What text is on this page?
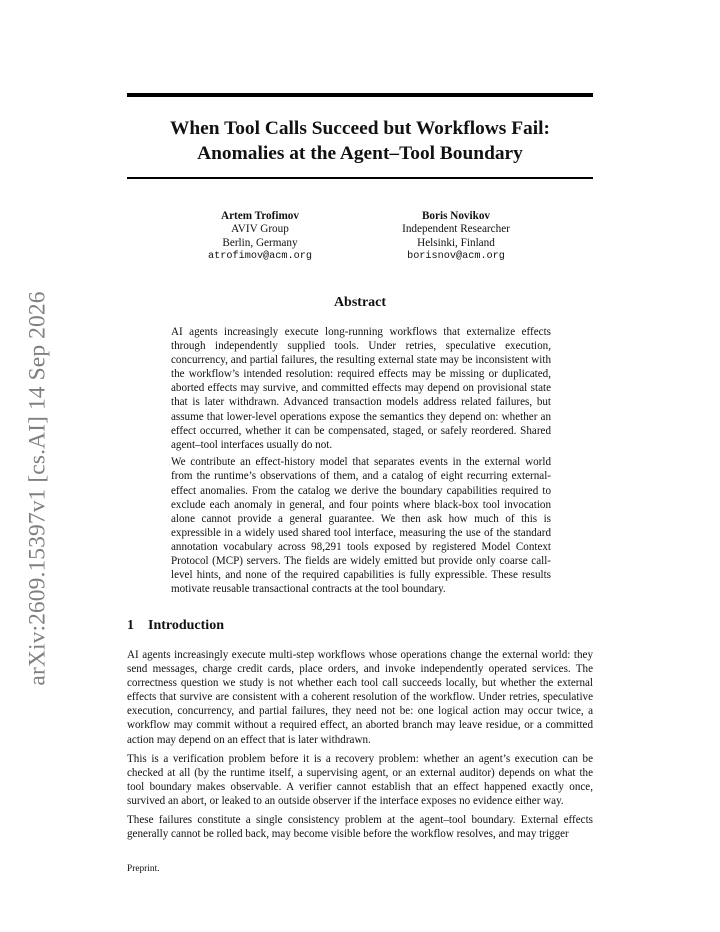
arXiv:2609.15397v1 [cs.AI] 14 Sep 2026
When Tool Calls Succeed but Workflows Fail:
Anomalies at the Agent–Tool Boundary
Artem Trofimov
AVIV Group
Berlin, Germany
atrofimov@acm.org
Boris Novikov
Independent Researcher
Helsinki, Finland
borisnov@acm.org
Abstract

AI agents increasingly execute long-running workflows that externalize effects through independently supplied tools. Under retries, speculative execution, concurrency, and partial failures, the resulting external state may be inconsistent with the workflow’s intended resolution: required effects may be missing or duplicated, aborted effects may survive, and committed effects may depend on provisional state that is later withdrawn. Advanced transaction models address related failures, but assume that lower-level operations expose the semantics they depend on: whether an effect occurred, whether it can be compensated, staged, or safely reordered. Shared agent–tool interfaces usually do not.

We contribute an effect-history model that separates events in the external world from the runtime’s observations of them, and a catalog of eight recurring external-effect anomalies. From the catalog we derive the boundary capabilities required to exclude each anomaly in general, and four points where black-box tool invocation alone cannot provide a general guarantee. We then ask how much of this is expressible in a widely used shared tool interface, measuring the use of the standard annotation vocabulary across 98,291 tools exposed by registered Model Context Protocol (MCP) servers. The fields are widely emitted but provide only coarse call-level hints, and none of the required capabilities is fully expressible. These results motivate reusable transactional contracts at the tool boundary.

1 Introduction

AI agents increasingly execute multi-step workflows whose operations change the external world: they send messages, charge credit cards, place orders, and invoke independently operated services. The correctness question we study is not whether each tool call succeeds locally, but whether the external effects that survive are consistent with a coherent resolution of the workflow. Under retries, speculative execution, concurrency, and partial failures, they need not be: one logical action may occur twice, a workflow may commit without a required effect, an aborted branch may leave residue, or a committed action may depend on an effect that is later withdrawn.

This is a verification problem before it is a recovery problem: whether an agent’s execution can be checked at all (by the runtime itself, a supervising agent, or an external auditor) depends on what the tool boundary makes observable. A verifier cannot establish that an effect happened exactly once, survived an abort, or leaked to an outside observer if the interface exposes no evidence either way.

These failures constitute a single consistency problem at the agent–tool boundary. External effects generally cannot be rolled back, may become visible before the workflow resolves, and may trigger

Preprint.
